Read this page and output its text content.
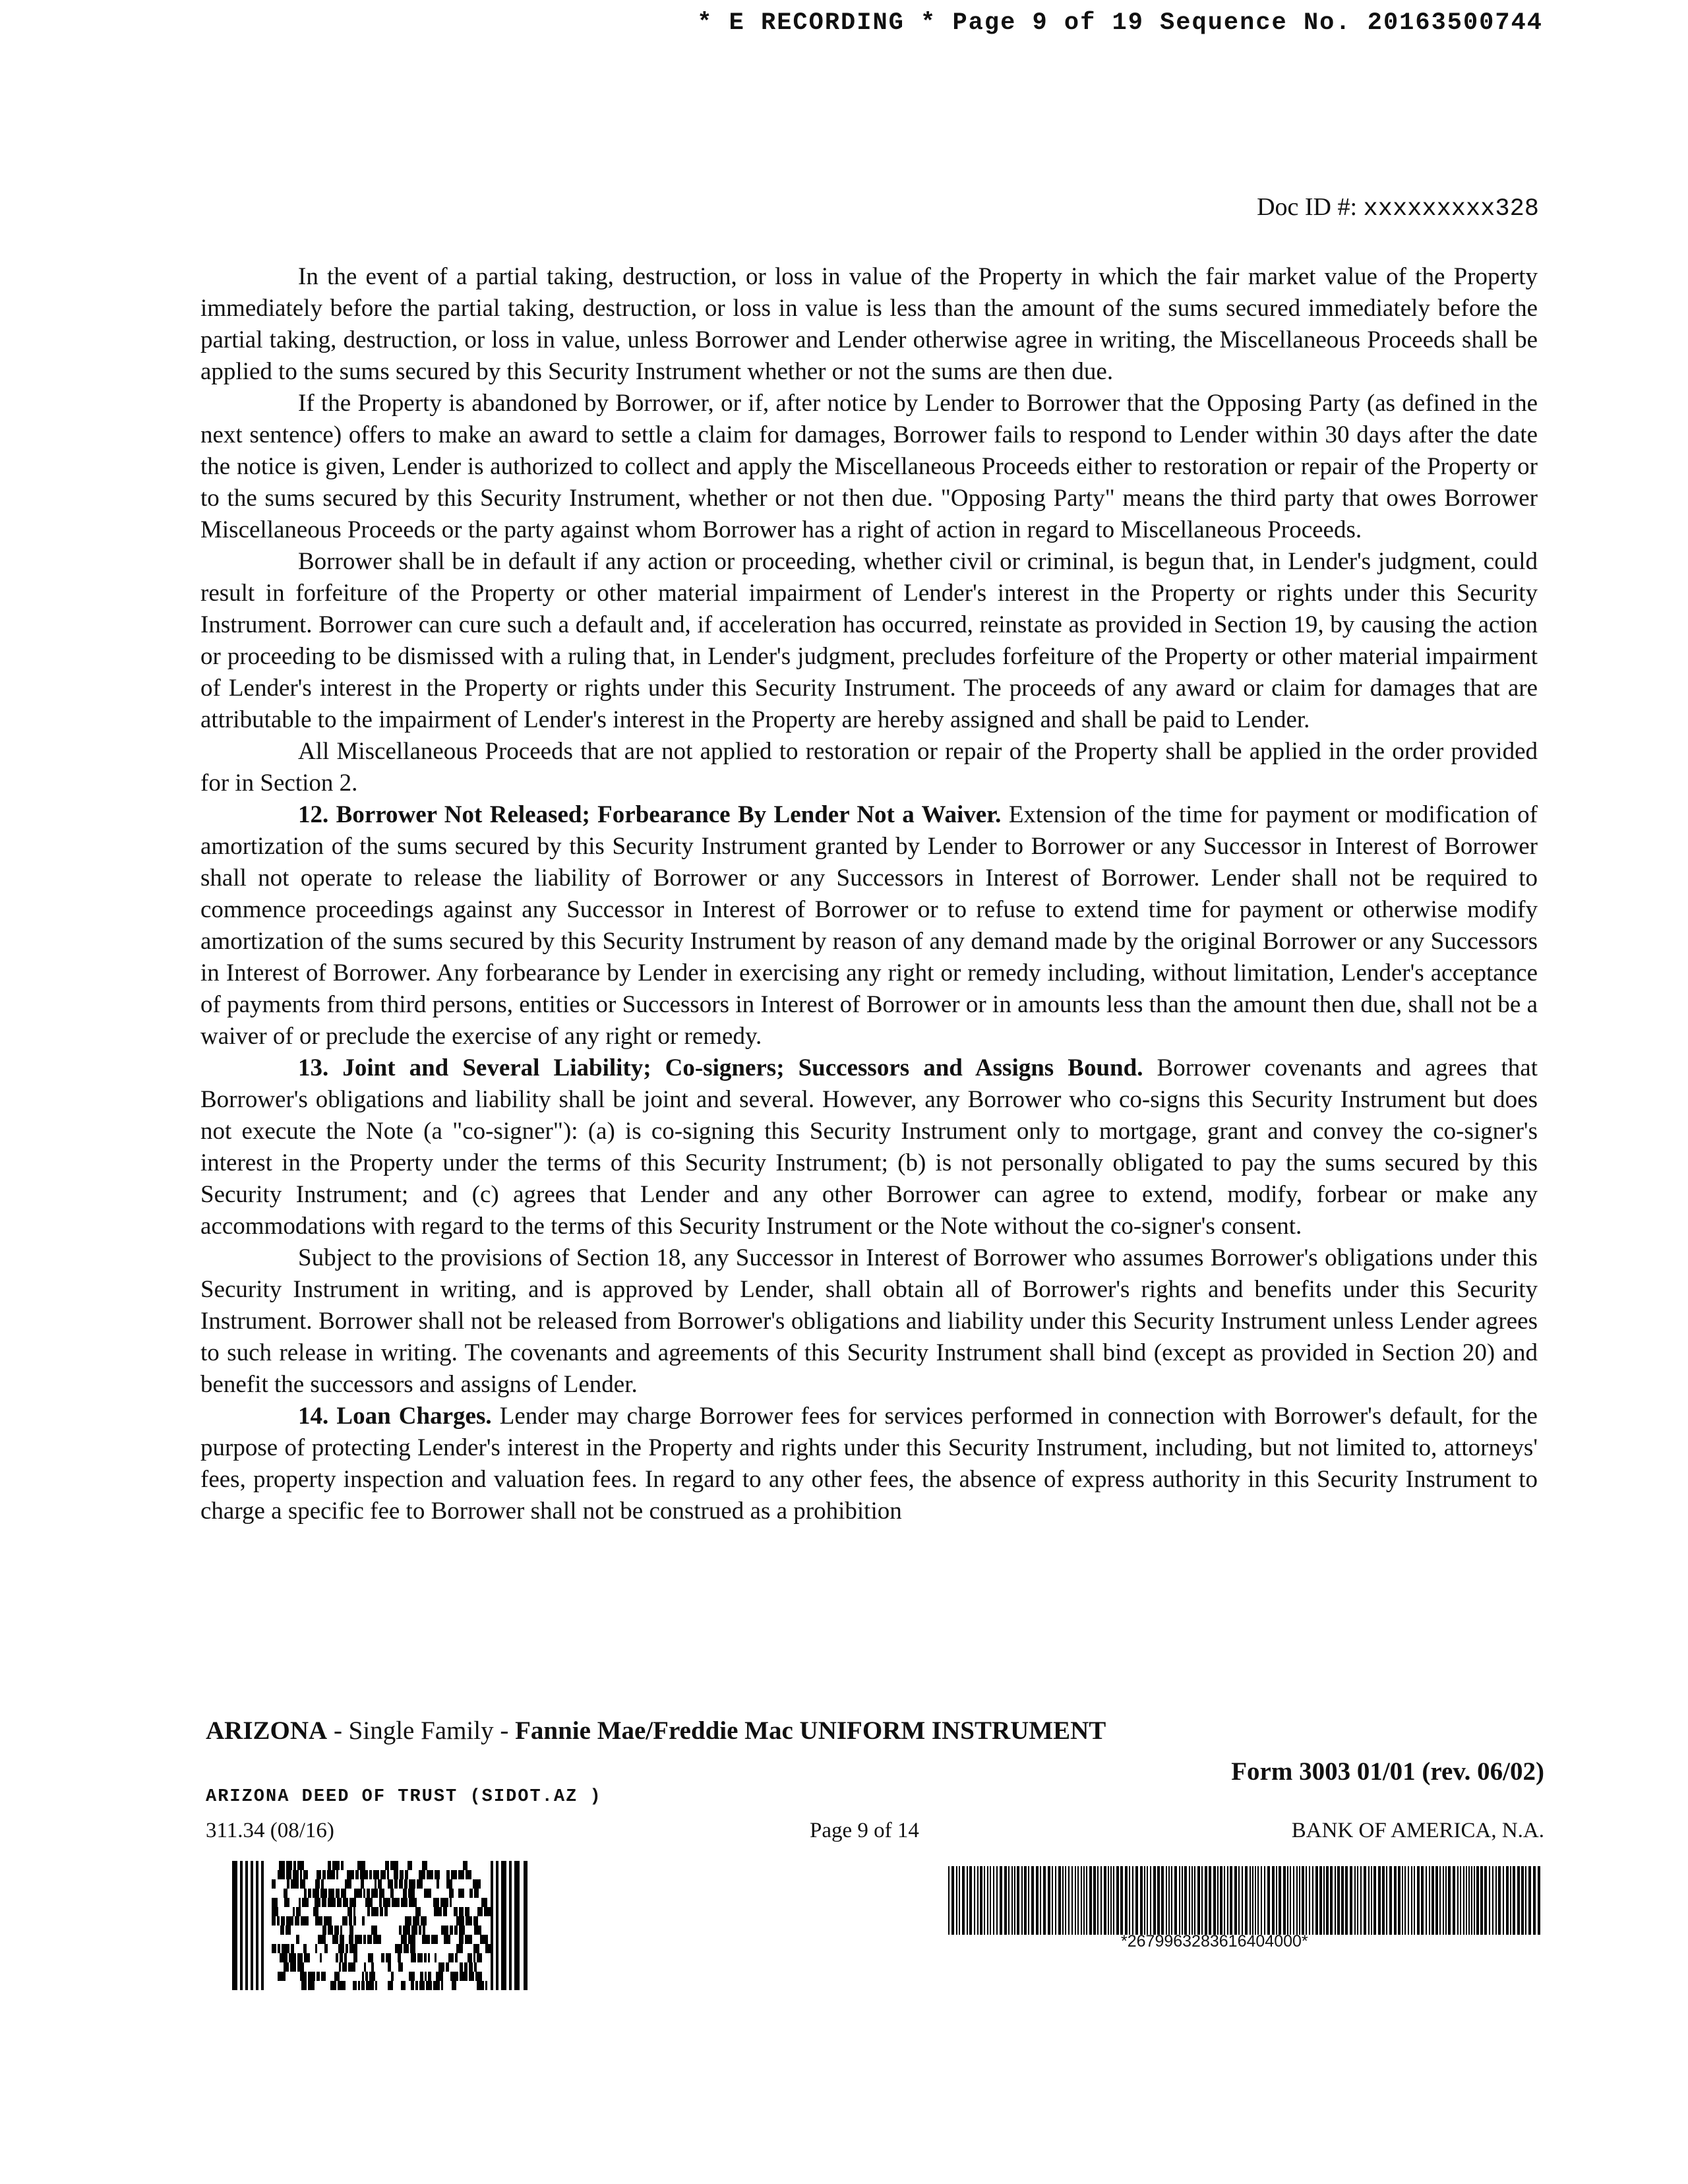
* E RECORDING * Page 9 of 19 Sequence No. 20163500744
Doc ID #: xxxxxxxxx328

In the event of a partial taking, destruction, or loss in value of the Property in which the fair market value of the Property immediately before the partial taking, destruction, or loss in value is less than the amount of the sums secured immediately before the partial taking, destruction, or loss in value, unless Borrower and Lender otherwise agree in writing, the Miscellaneous Proceeds shall be applied to the sums secured by this Security Instrument whether or not the sums are then due.

If the Property is abandoned by Borrower, or if, after notice by Lender to Borrower that the Opposing Party (as defined in the next sentence) offers to make an award to settle a claim for damages, Borrower fails to respond to Lender within 30 days after the date the notice is given, Lender is authorized to collect and apply the Miscellaneous Proceeds either to restoration or repair of the Property or to the sums secured by this Security Instrument, whether or not then due. "Opposing Party" means the third party that owes Borrower Miscellaneous Proceeds or the party against whom Borrower has a right of action in regard to Miscellaneous Proceeds.

Borrower shall be in default if any action or proceeding, whether civil or criminal, is begun that, in Lender's judgment, could result in forfeiture of the Property or other material impairment of Lender's interest in the Property or rights under this Security Instrument. Borrower can cure such a default and, if acceleration has occurred, reinstate as provided in Section 19, by causing the action or proceeding to be dismissed with a ruling that, in Lender's judgment, precludes forfeiture of the Property or other material impairment of Lender's interest in the Property or rights under this Security Instrument. The proceeds of any award or claim for damages that are attributable to the impairment of Lender's interest in the Property are hereby assigned and shall be paid to Lender.

All Miscellaneous Proceeds that are not applied to restoration or repair of the Property shall be applied in the order provided for in Section 2.

12. Borrower Not Released; Forbearance By Lender Not a Waiver. Extension of the time for payment or modification of amortization of the sums secured by this Security Instrument granted by Lender to Borrower or any Successor in Interest of Borrower shall not operate to release the liability of Borrower or any Successors in Interest of Borrower. Lender shall not be required to commence proceedings against any Successor in Interest of Borrower or to refuse to extend time for payment or otherwise modify amortization of the sums secured by this Security Instrument by reason of any demand made by the original Borrower or any Successors in Interest of Borrower. Any forbearance by Lender in exercising any right or remedy including, without limitation, Lender's acceptance of payments from third persons, entities or Successors in Interest of Borrower or in amounts less than the amount then due, shall not be a waiver of or preclude the exercise of any right or remedy.

13. Joint and Several Liability; Co-signers; Successors and Assigns Bound. Borrower covenants and agrees that Borrower's obligations and liability shall be joint and several. However, any Borrower who co-signs this Security Instrument but does not execute the Note (a "co-signer"): (a) is co-signing this Security Instrument only to mortgage, grant and convey the co-signer's interest in the Property under the terms of this Security Instrument; (b) is not personally obligated to pay the sums secured by this Security Instrument; and (c) agrees that Lender and any other Borrower can agree to extend, modify, forbear or make any accommodations with regard to the terms of this Security Instrument or the Note without the co-signer's consent.

Subject to the provisions of Section 18, any Successor in Interest of Borrower who assumes Borrower's obligations under this Security Instrument in writing, and is approved by Lender, shall obtain all of Borrower's rights and benefits under this Security Instrument. Borrower shall not be released from Borrower's obligations and liability under this Security Instrument unless Lender agrees to such release in writing. The covenants and agreements of this Security Instrument shall bind (except as provided in Section 20) and benefit the successors and assigns of Lender.

14. Loan Charges. Lender may charge Borrower fees for services performed in connection with Borrower's default, for the purpose of protecting Lender's interest in the Property and rights under this Security Instrument, including, but not limited to, attorneys' fees, property inspection and valuation fees. In regard to any other fees, the absence of express authority in this Security Instrument to charge a specific fee to Borrower shall not be construed as a prohibition

ARIZONA - Single Family - Fannie Mae/Freddie Mac UNIFORM INSTRUMENT
Form 3003 01/01 (rev. 06/02)
ARIZONA DEED OF TRUST (SIDOT.AZ )
311.34 (08/16)	Page 9 of 14	BANK OF AMERICA, N.A.
*2679963283616404000*
